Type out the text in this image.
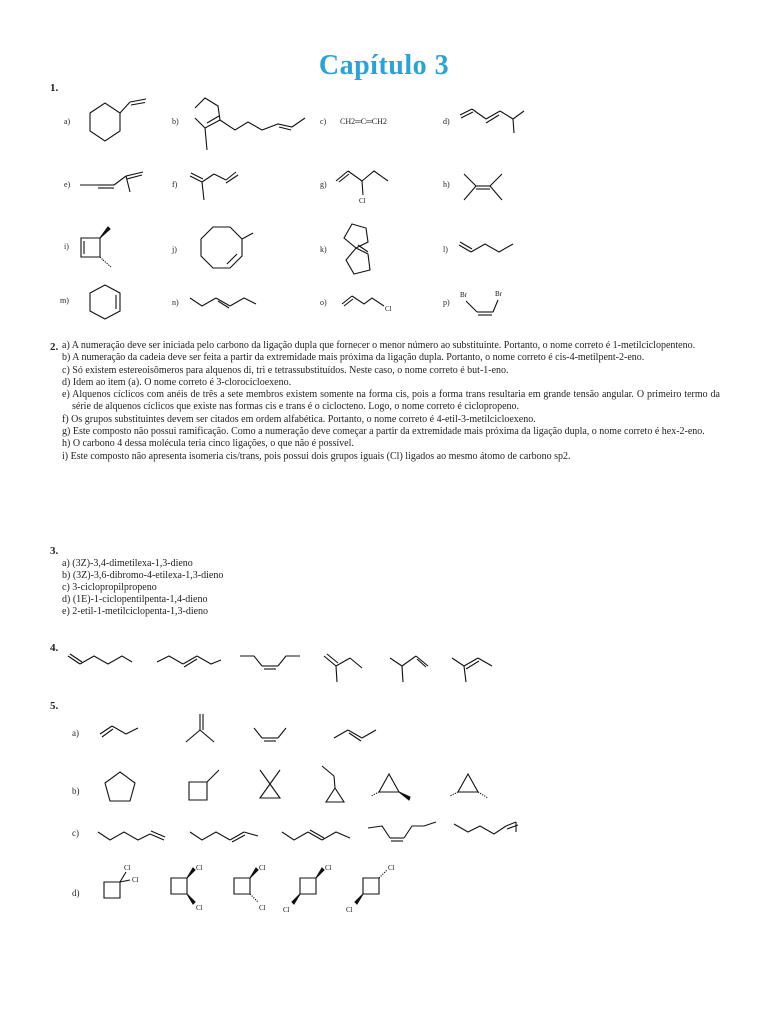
Capítulo 3
1.
a)	b)	c)	d)
CH2═C═CH2
e)	f)	g)	h)
Cl
i)	j)	k)	l)
m)	n)	o)	p)
Cl
Br	Br
2. a) A numeração deve ser iniciada pelo carbono da ligação dupla que fornecer o menor número ao substituinte. Portanto, o nome correto é 1-metilciclopenteno.
b) A numeração da cadeia deve ser feita a partir da extremidade mais próxima da ligação dupla. Portanto, o nome correto é cis-4-metilpent-2-eno.
c) Só existem estereoisômeros para alquenos di, tri e tetrassubstituídos. Neste caso, o nome correto é but-1-eno.
d) Idem ao item (a). O nome correto é 3-clorocicloexeno.
e) Alquenos cíclicos com anéis de três a sete membros existem somente na forma cis, pois a forma trans resultaria em grande tensão angular. O primeiro termo da série de alquenos cíclicos que existe nas formas cis e trans é o ciclocteno. Logo, o nome correto é ciclopropeno.
f) Os grupos substituintes devem ser citados em ordem alfabética. Portanto, o nome correto é 4-etil-3-metilcicloexeno.
g) Este composto não possui ramificação. Como a numeração deve começar a partir da extremidade mais próxima da ligação dupla, o nome correto é hex-2-eno.
h) O carbono 4 dessa molécula teria cinco ligações, o que não é possível.
i) Este composto não apresenta isomeria cis/trans, pois possui dois grupos iguais (Cl) ligados ao mesmo átomo de carbono sp2.
3.
a) (3Z)-3,4-dimetilexa-1,3-dieno
b) (3Z)-3,6-dibromo-4-etilexa-1,3-dieno
c) 3-ciclopropilpropeno
d) (1E)-1-ciclopentilpenta-1,4-dieno
e) 2-etil-1-metilciclopenta-1,3-dieno
4.
5.
a)
b)
c)
d)
Cl
Cl
Cl
Cl
Cl
Cl
Cl
Cl
Cl
Cl
